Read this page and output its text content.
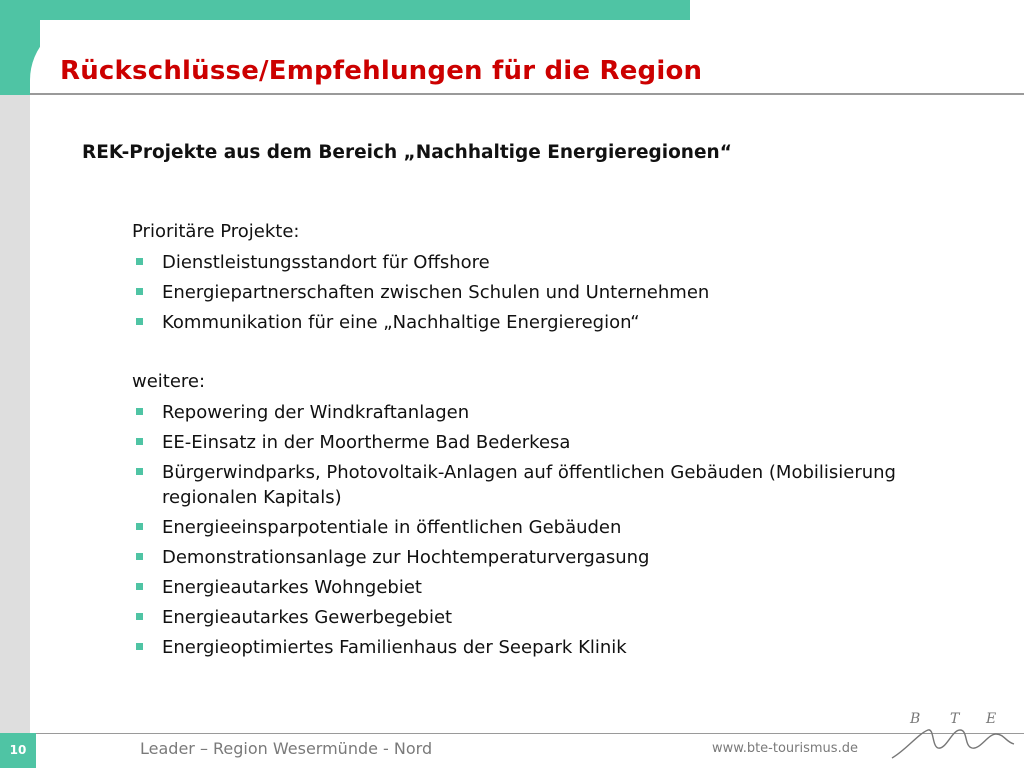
Rückschlüsse/Empfehlungen für die Region
REK-Projekte aus dem Bereich „Nachhaltige Energieregionen“
Prioritäre Projekte:
Dienstleistungsstandort für Offshore
Energiepartnerschaften zwischen Schulen und Unternehmen
Kommunikation für eine „Nachhaltige Energieregion“
weitere:
Repowering der Windkraftanlagen
EE-Einsatz in der Moortherme Bad Bederkesa
Bürgerwindparks, Photovoltaik-Anlagen auf öffentlichen Gebäuden (Mobilisierung regionalen Kapitals)
Energieeinsparpotentiale in öffentlichen Gebäuden
Demonstrationsanlage zur Hochtemperaturvergasung
Energieautarkes Wohngebiet
Energieautarkes Gewerbegebiet
Energieoptimiertes Familienhaus der Seepark Klinik
10	Leader – Region Wesermünde - Nord	www.bte-tourismus.de
B T E
